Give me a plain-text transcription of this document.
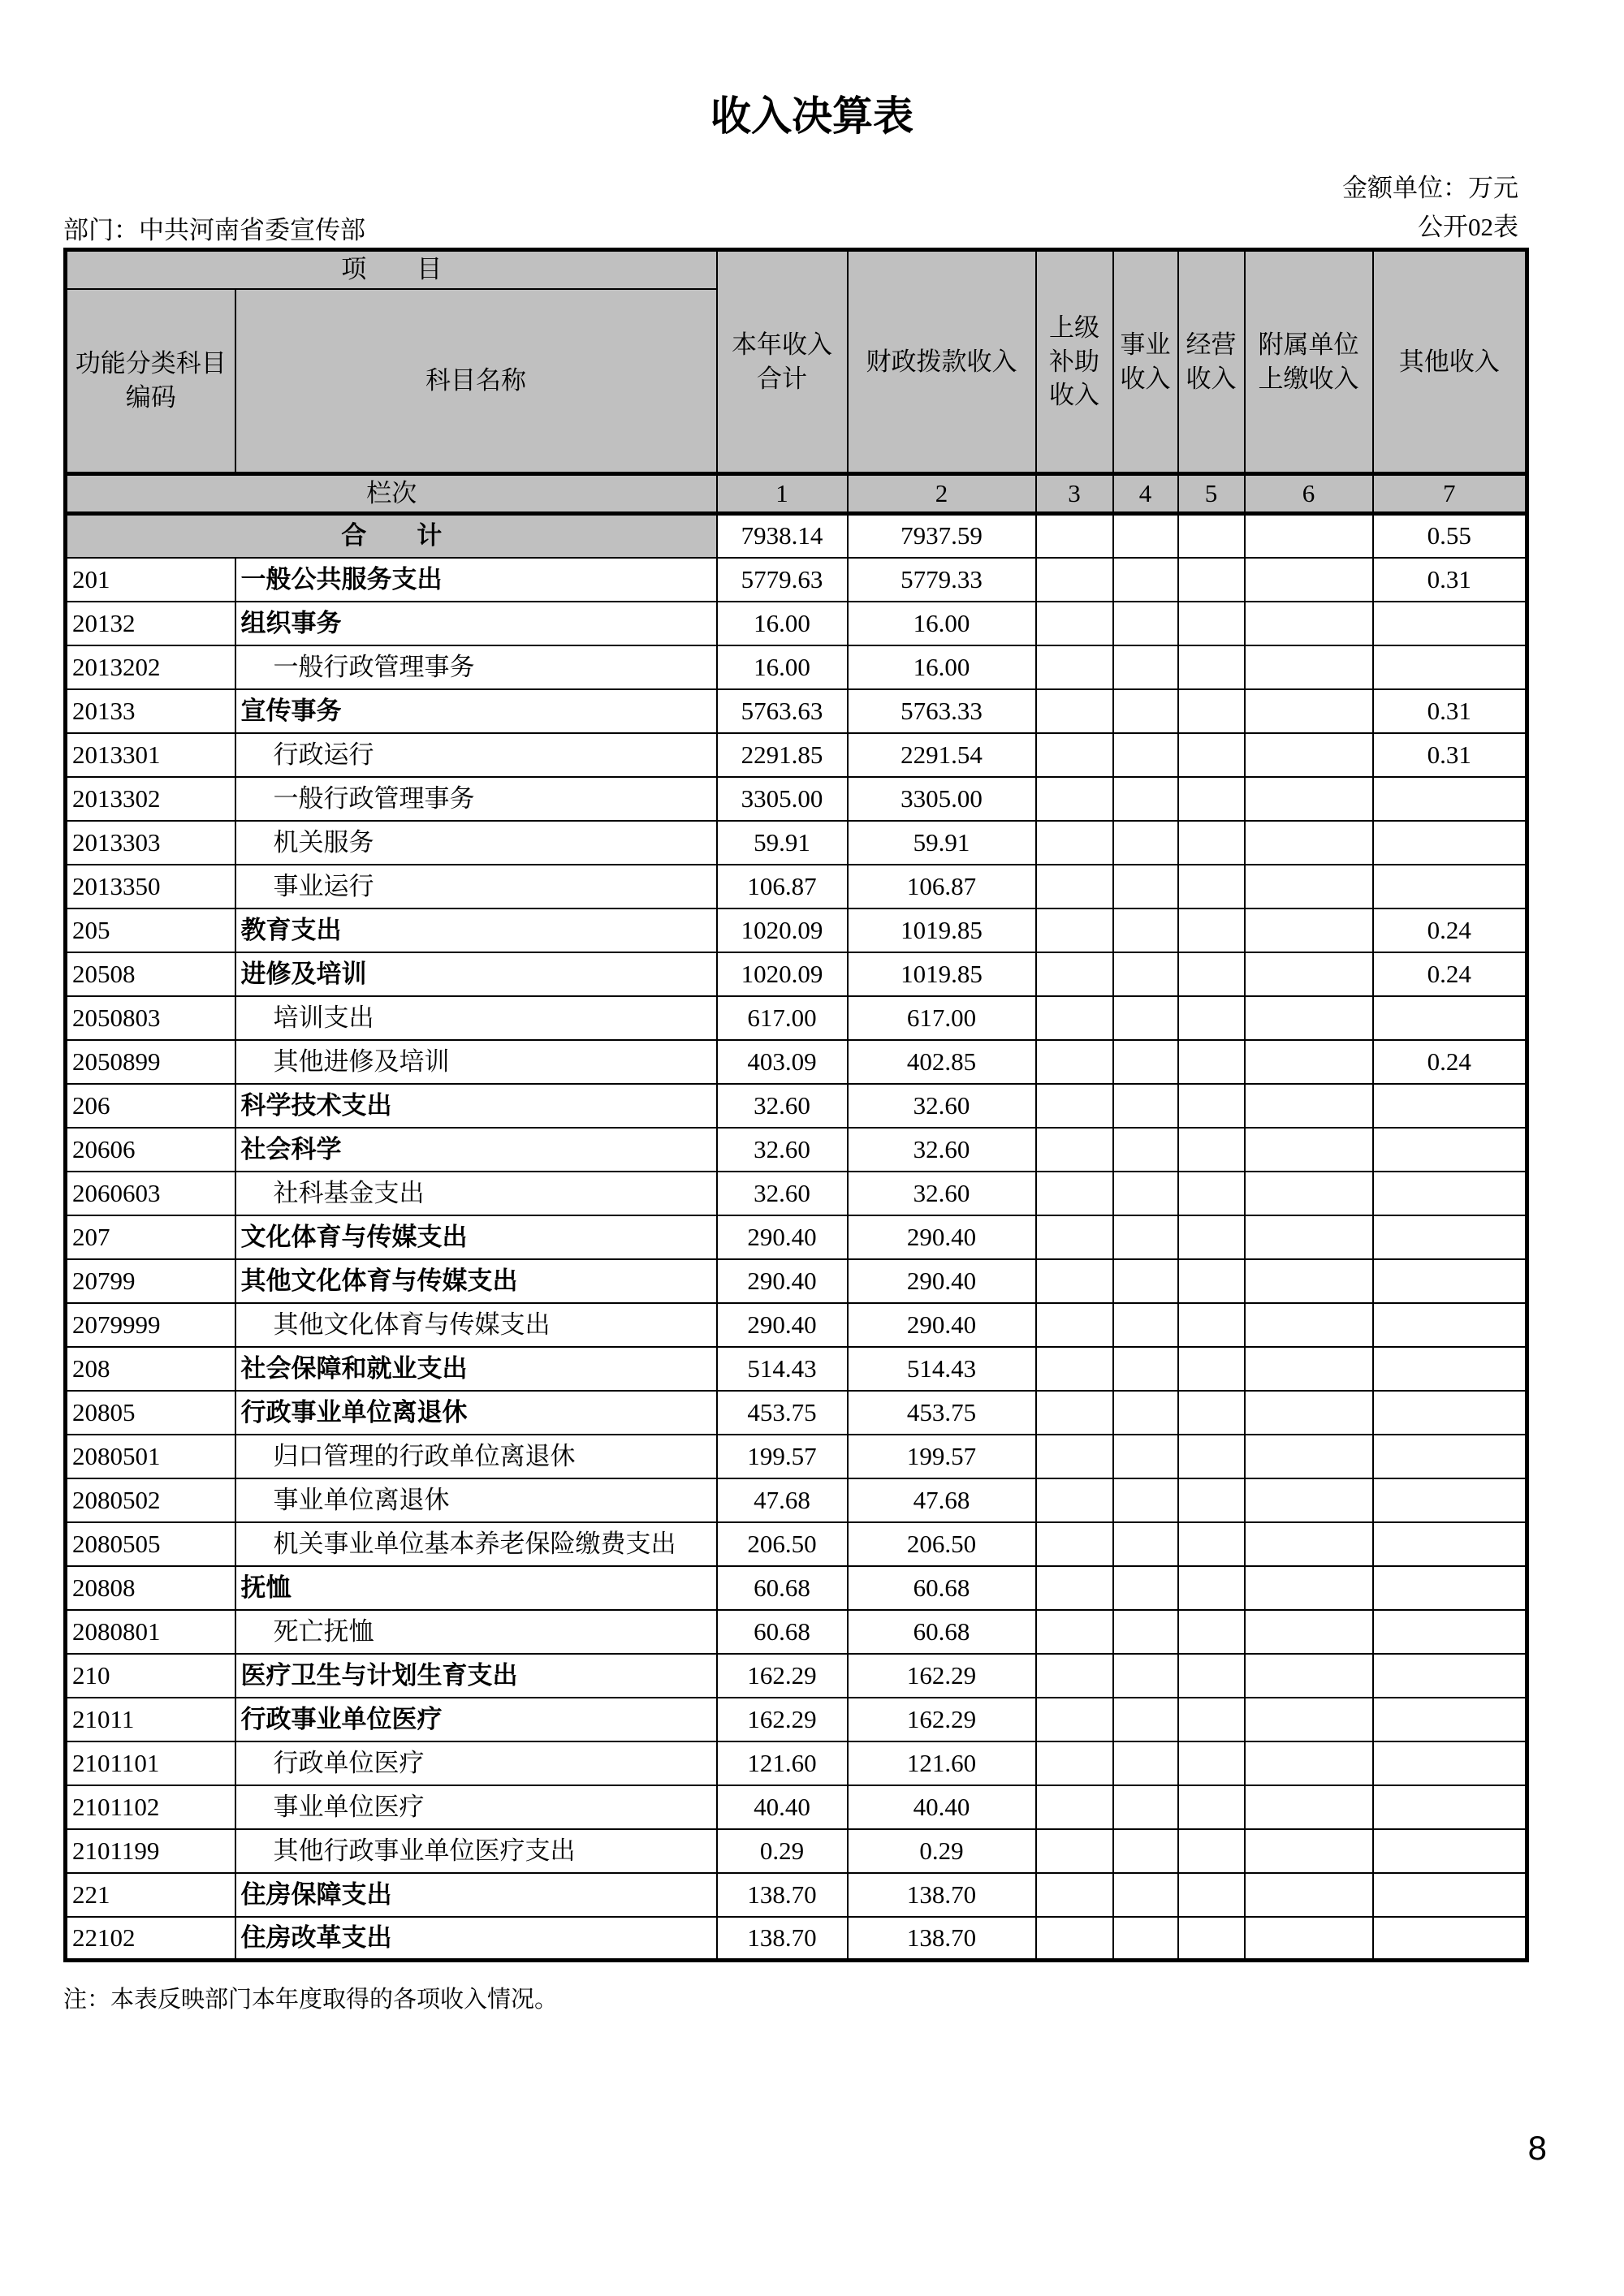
收入决算表
金额单位：万元
部门：中共河南省委宣传部	公开02表
项　　目		本年收入合计	财政拨款收入	上级补助收入	事业收入	经营收入	附属单位上缴收入	其他收入
功能分类科目编码	科目名称							
栏次		1	2	3	4	5	6	7
合　　计		7938.14	7937.59					0.55
201	一般公共服务支出	5779.63	5779.33					0.31
20132	组织事务	16.00	16.00					
2013202	一般行政管理事务	16.00	16.00					
20133	宣传事务	5763.63	5763.33					0.31
2013301	行政运行	2291.85	2291.54					0.31
2013302	一般行政管理事务	3305.00	3305.00					
2013303	机关服务	59.91	59.91					
2013350	事业运行	106.87	106.87					
205	教育支出	1020.09	1019.85					0.24
20508	进修及培训	1020.09	1019.85					0.24
2050803	培训支出	617.00	617.00					
2050899	其他进修及培训	403.09	402.85					0.24
206	科学技术支出	32.60	32.60					
20606	社会科学	32.60	32.60					
2060603	社科基金支出	32.60	32.60					
207	文化体育与传媒支出	290.40	290.40					
20799	其他文化体育与传媒支出	290.40	290.40					
2079999	其他文化体育与传媒支出	290.40	290.40					
208	社会保障和就业支出	514.43	514.43					
20805	行政事业单位离退休	453.75	453.75					
2080501	归口管理的行政单位离退休	199.57	199.57					
2080502	事业单位离退休	47.68	47.68					
2080505	机关事业单位基本养老保险缴费支出	206.50	206.50					
20808	抚恤	60.68	60.68					
2080801	死亡抚恤	60.68	60.68					
210	医疗卫生与计划生育支出	162.29	162.29					
21011	行政事业单位医疗	162.29	162.29					
2101101	行政单位医疗	121.60	121.60					
2101102	事业单位医疗	40.40	40.40					
2101199	其他行政事业单位医疗支出	0.29	0.29					
221	住房保障支出	138.70	138.70					
22102	住房改革支出	138.70	138.70					
注：本表反映部门本年度取得的各项收入情况。
8
